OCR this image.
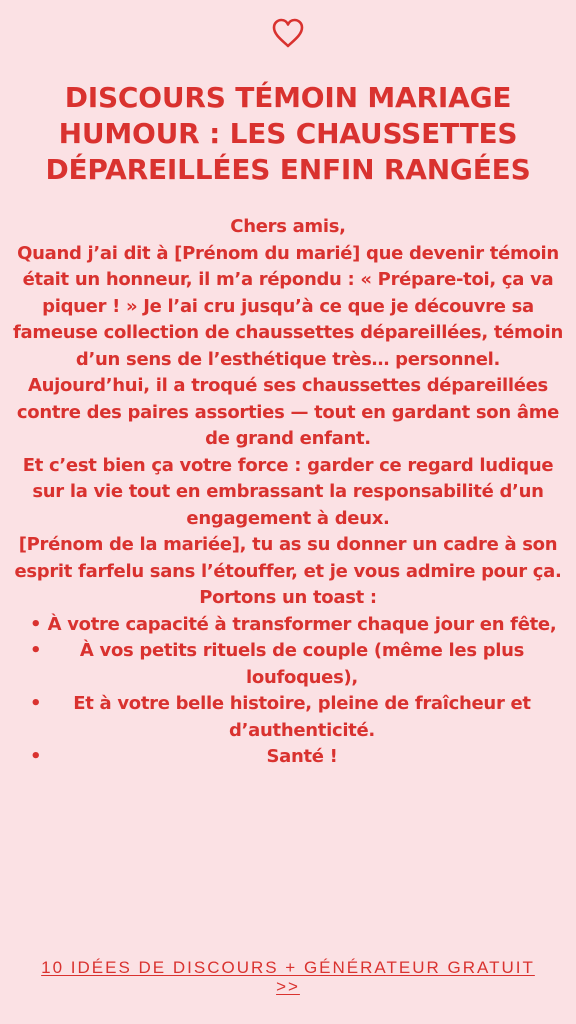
DISCOURS TÉMOIN MARIAGE HUMOUR : LES CHAUSSETTES DÉPAREILLÉES ENFIN RANGÉES

Chers amis,

Quand j’ai dit à [Prénom du marié] que devenir témoin était un honneur, il m’a répondu : « Prépare-toi, ça va piquer ! » Je l’ai cru jusqu’à ce que je découvre sa fameuse collection de chaussettes dépareillées, témoin d’un sens de l’esthétique très… personnel.

Aujourd’hui, il a troqué ses chaussettes dépareillées contre des paires assorties — tout en gardant son âme de grand enfant.

Et c’est bien ça votre force : garder ce regard ludique sur la vie tout en embrassant la responsabilité d’un engagement à deux.

[Prénom de la mariée], tu as su donner un cadre à son esprit farfelu sans l’étouffer, et je vous admire pour ça.

Portons un toast :

• À votre capacité à transformer chaque jour en fête,
• À vos petits rituels de couple (même les plus loufoques),
• Et à votre belle histoire, pleine de fraîcheur et d’authenticité.
• Santé !
10 IDÉES DE DISCOURS + GÉNÉRATEUR GRATUIT >>
